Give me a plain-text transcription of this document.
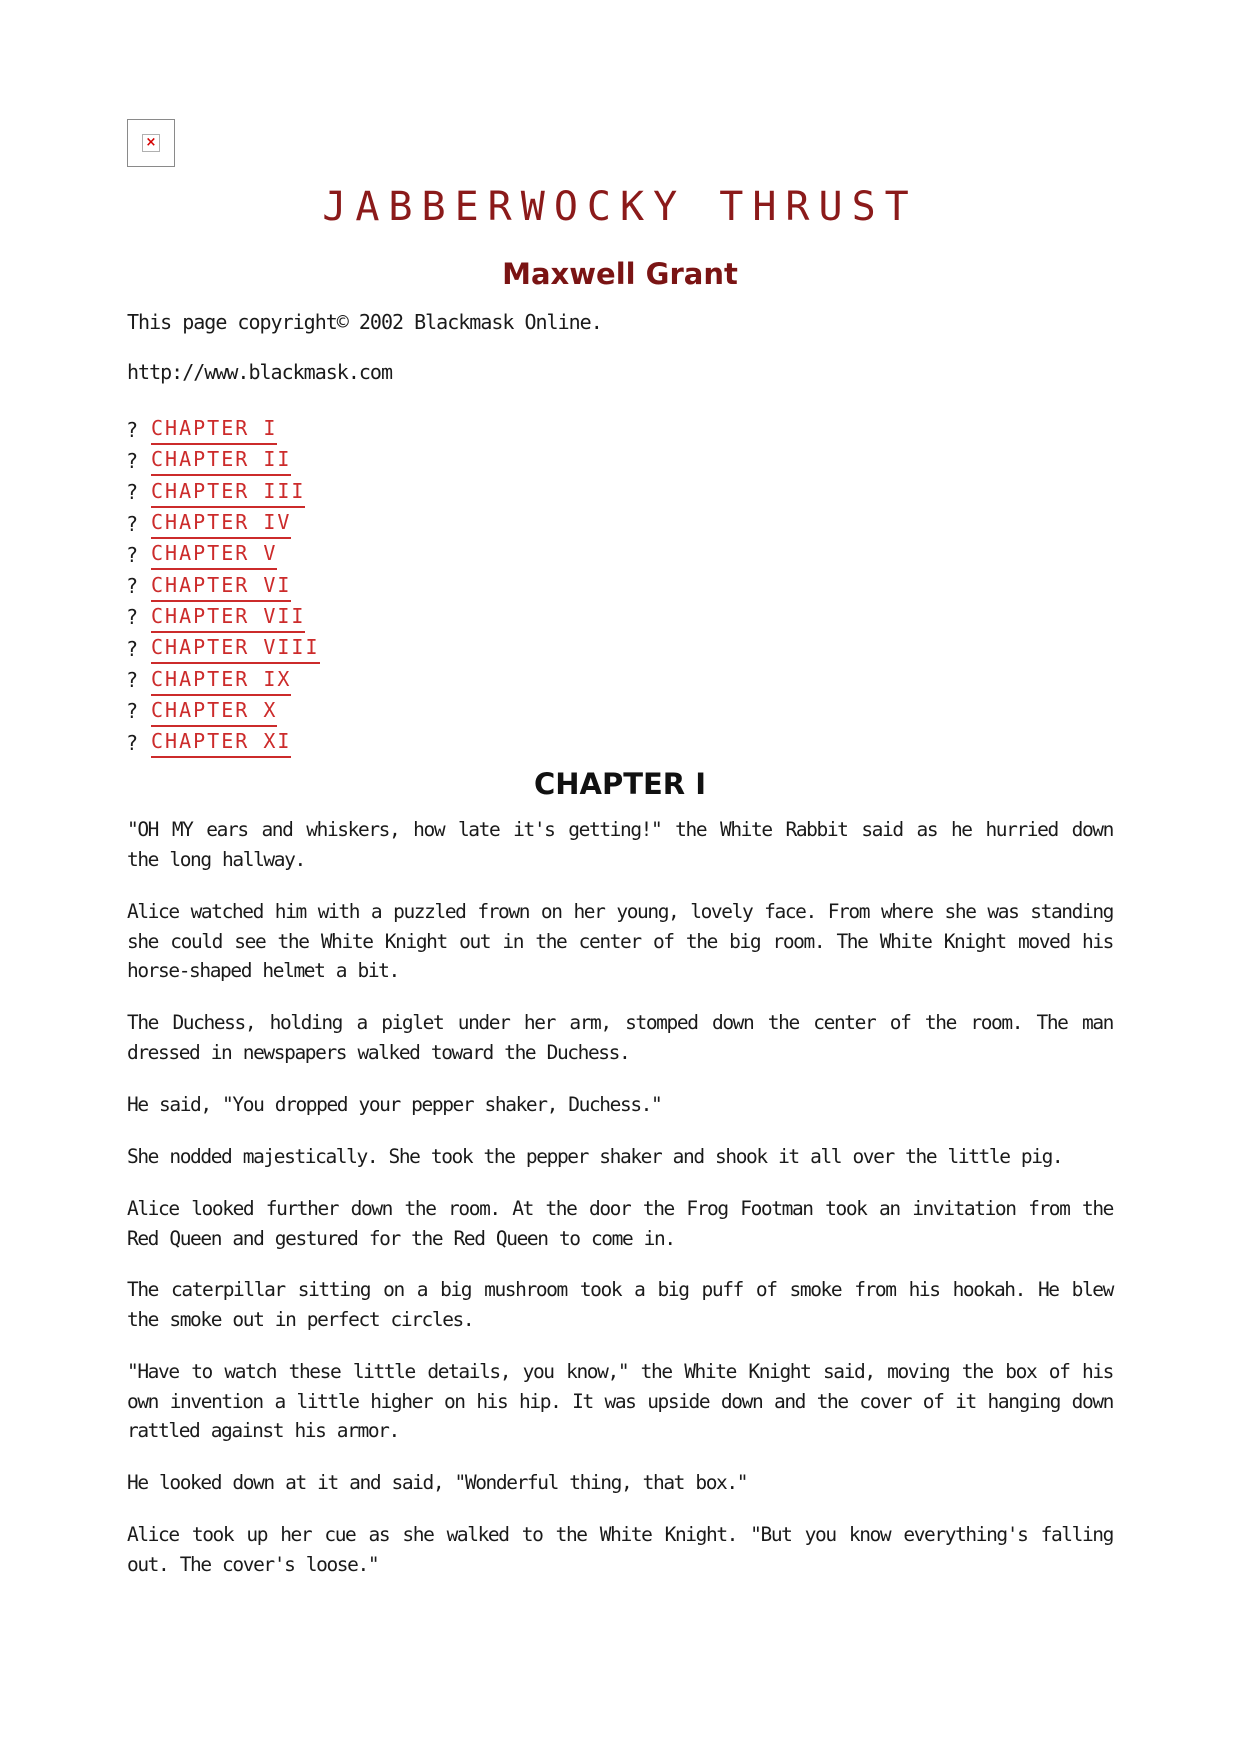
×
JABBERWOCKY THRUST
Maxwell Grant
This page copyright© 2002 Blackmask Online.
http://www.blackmask.com
? CHAPTER I
? CHAPTER II
? CHAPTER III
? CHAPTER IV
? CHAPTER V
? CHAPTER VI
? CHAPTER VII
? CHAPTER VIII
? CHAPTER IX
? CHAPTER X
? CHAPTER XI
CHAPTER I

"OH MY ears and whiskers, how late it's getting!" the White Rabbit said as he hurried down the long hallway.

Alice watched him with a puzzled frown on her young, lovely face. From where she was standing she could see the White Knight out in the center of the big room. The White Knight moved his horse-shaped helmet a bit.

The Duchess, holding a piglet under her arm, stomped down the center of the room. The man dressed in newspapers walked toward the Duchess.

He said, "You dropped your pepper shaker, Duchess."

She nodded majestically. She took the pepper shaker and shook it all over the little pig.

Alice looked further down the room. At the door the Frog Footman took an invitation from the Red Queen and gestured for the Red Queen to come in.

The caterpillar sitting on a big mushroom took a big puff of smoke from his hookah. He blew the smoke out in perfect circles.

"Have to watch these little details, you know," the White Knight said, moving the box of his own invention a little higher on his hip. It was upside down and the cover of it hanging down rattled against his armor.

He looked down at it and said, "Wonderful thing, that box."

Alice took up her cue as she walked to the White Knight. "But you know everything's falling out. The cover's loose."
